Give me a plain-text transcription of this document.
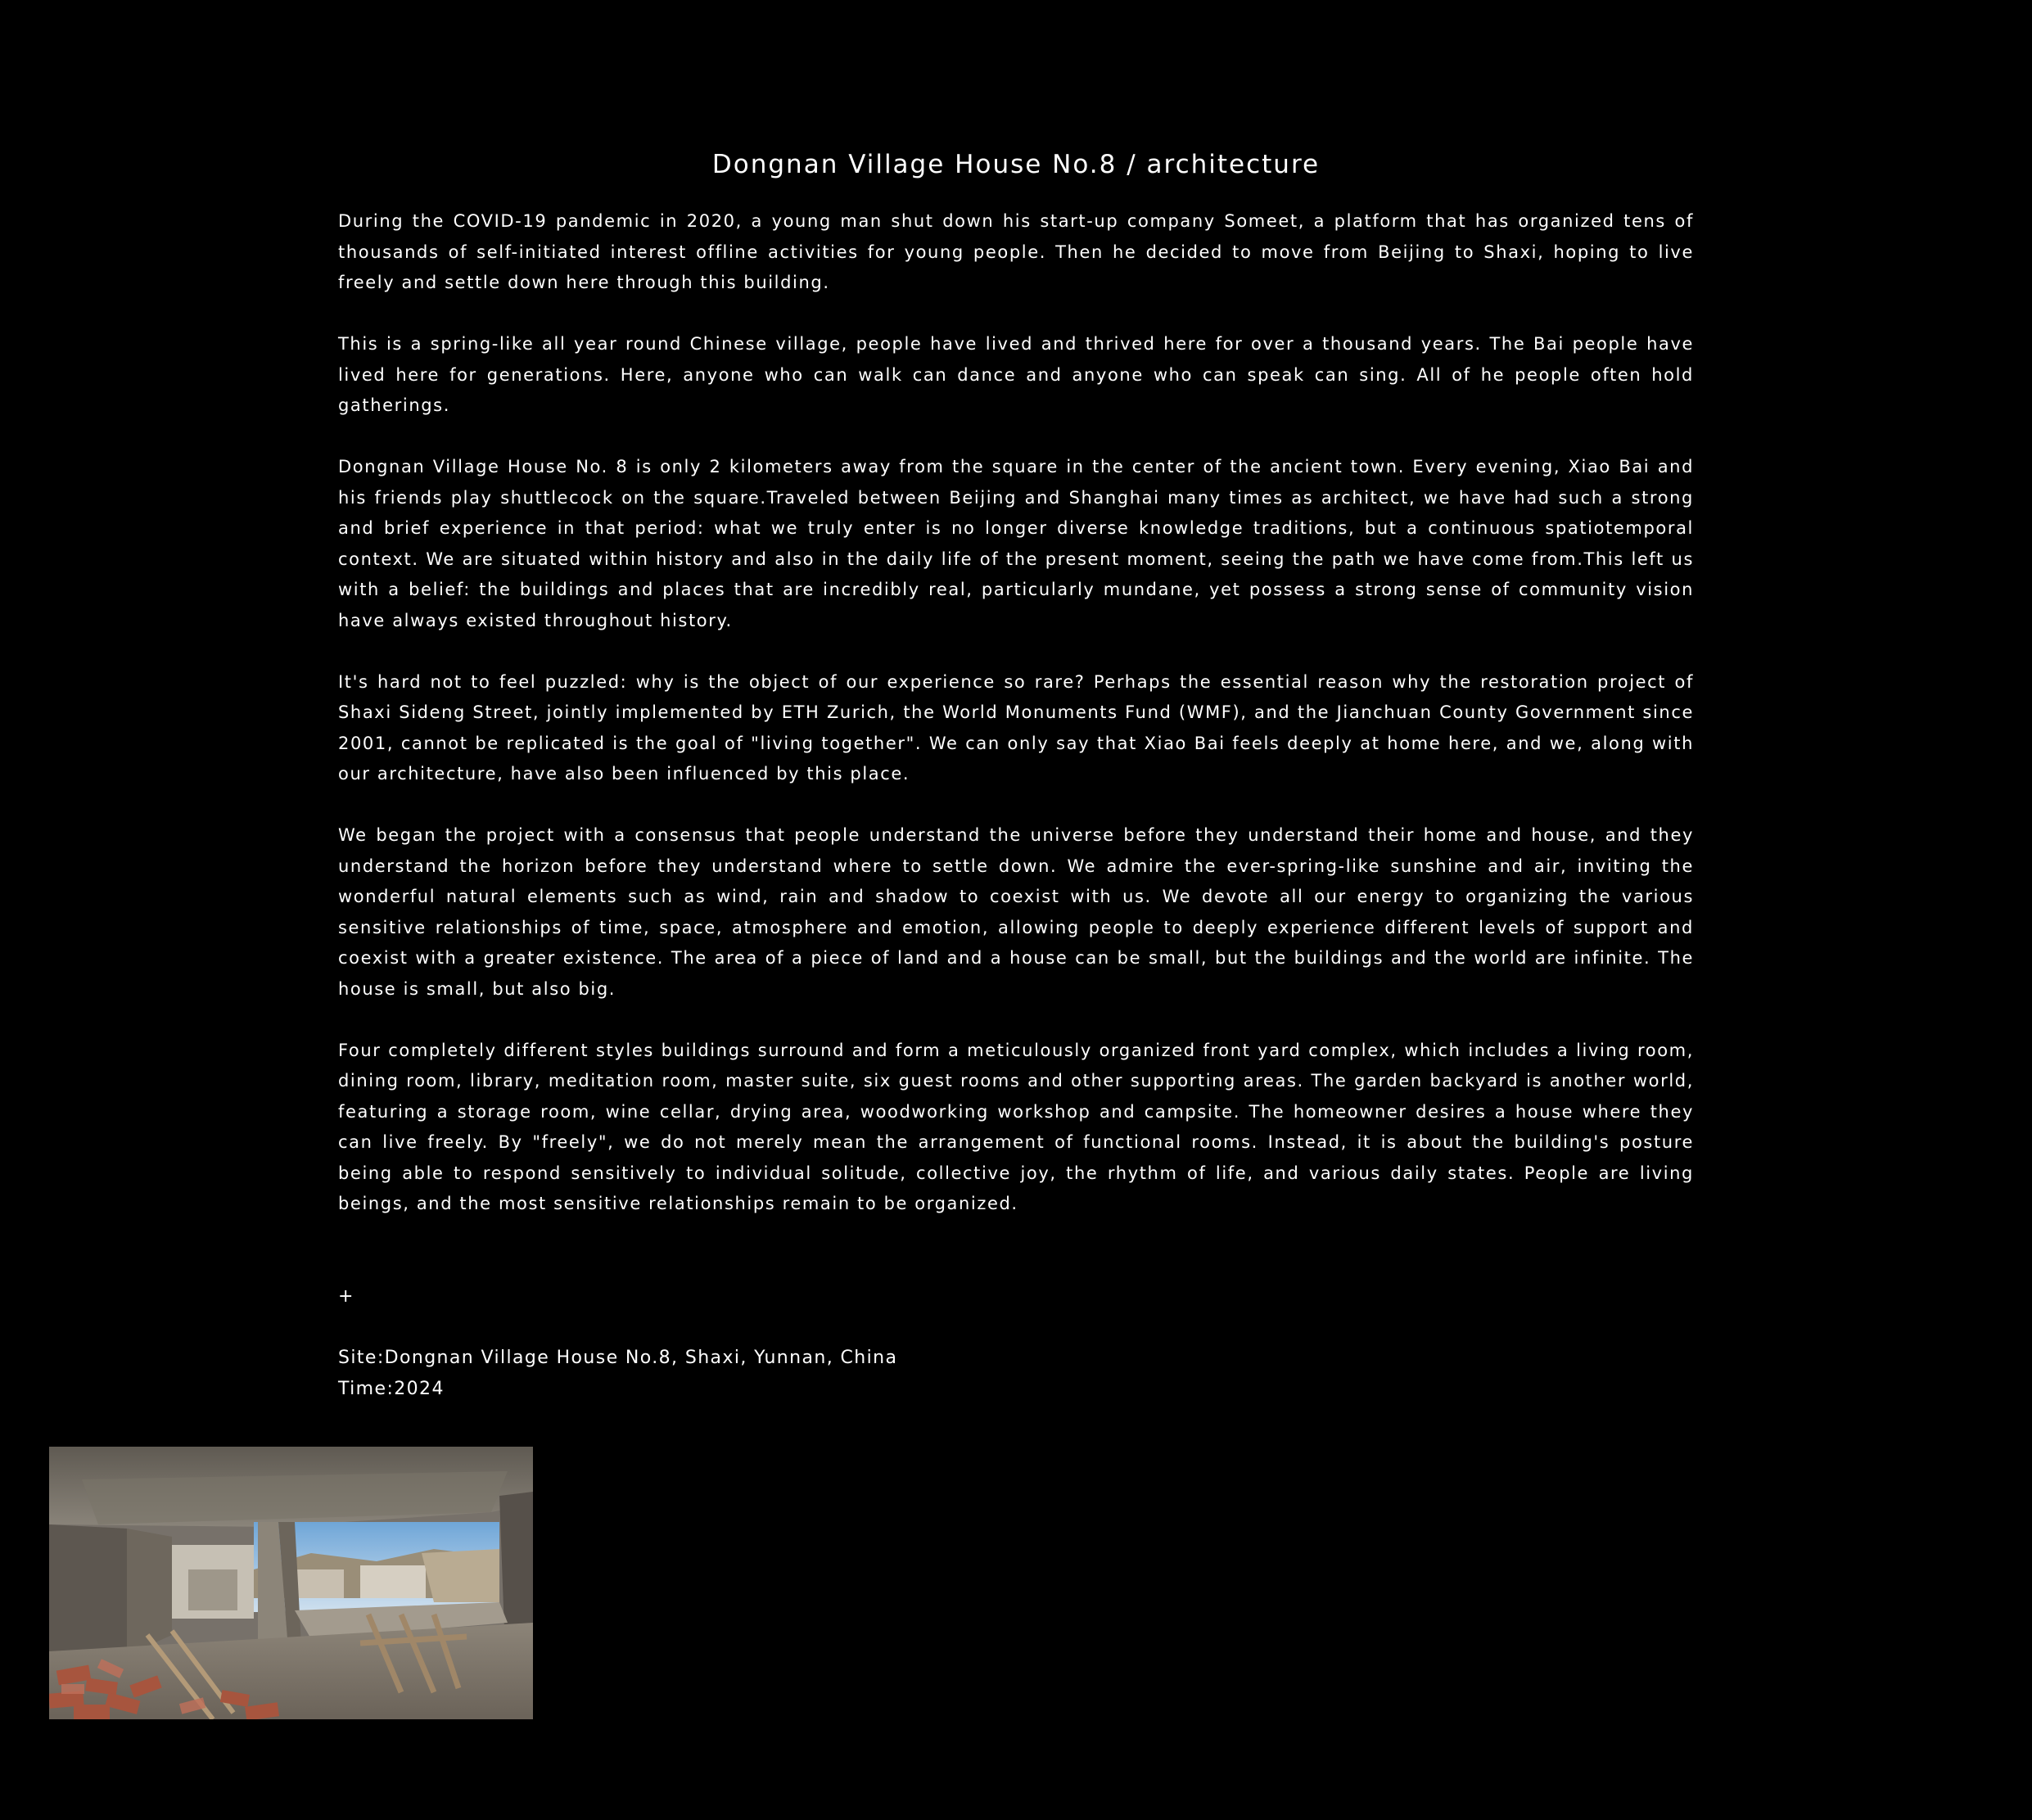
Dongnan Village House No.8 / architecture

During the COVID-19 pandemic in 2020, a young man shut down his start-up company Someet, a platform that has organized tens of thousands of self-initiated interest offline activities for young people. Then he decided to move from Beijing to Shaxi, hoping to live freely and settle down here through this building.

This is a spring-like all year round Chinese village, people have lived and thrived here for over a thousand years. The Bai people have lived here for generations. Here, anyone who can walk can dance and anyone who can speak can sing. All of he people often hold gatherings.

Dongnan Village House No. 8 is only 2 kilometers away from the square in the center of the ancient town. Every evening, Xiao Bai and his friends play shuttlecock on the square.Traveled between Beijing and Shanghai many times as architect, we have had such a strong and brief experience in that period: what we truly enter is no longer diverse knowledge traditions, but a continuous spatiotemporal context. We are situated within history and also in the daily life of the present moment, seeing the path we have come from.This left us with a belief: the buildings and places that are incredibly real, particularly mundane, yet possess a strong sense of community vision have always existed throughout history.

It's hard not to feel puzzled: why is the object of our experience so rare? Perhaps the essential reason why the restoration project of Shaxi Sideng Street, jointly implemented by ETH Zurich, the World Monuments Fund (WMF), and the Jianchuan County Government since 2001, cannot be replicated is the goal of "living together". We can only say that Xiao Bai feels deeply at home here, and we, along with our architecture, have also been influenced by this place.

We began the project with a consensus that people understand the universe before they understand their home and house, and they understand the horizon before they understand where to settle down. We admire the ever-spring-like sunshine and air, inviting the wonderful natural elements such as wind, rain and shadow to coexist with us. We devote all our energy to organizing the various sensitive relationships of time, space, atmosphere and emotion, allowing people to deeply experience different levels of support and coexist with a greater existence. The area of a piece of land and a house can be small, but the buildings and the world are infinite. The house is small, but also big.

Four completely different styles buildings surround and form a meticulously organized front yard complex, which includes a living room, dining room, library, meditation room, master suite, six guest rooms and other supporting areas. The garden backyard is another world, featuring a storage room, wine cellar, drying area, woodworking workshop and campsite. The homeowner desires a house where they can live freely. By "freely", we do not merely mean the arrangement of functional rooms. Instead, it is about the building's posture being able to respond sensitively to individual solitude, collective joy, the rhythm of life, and various daily states. People are living beings, and the most sensitive relationships remain to be organized.

+
Site:Dongnan Village House No.8, Shaxi, Yunnan, China
Time:2024
